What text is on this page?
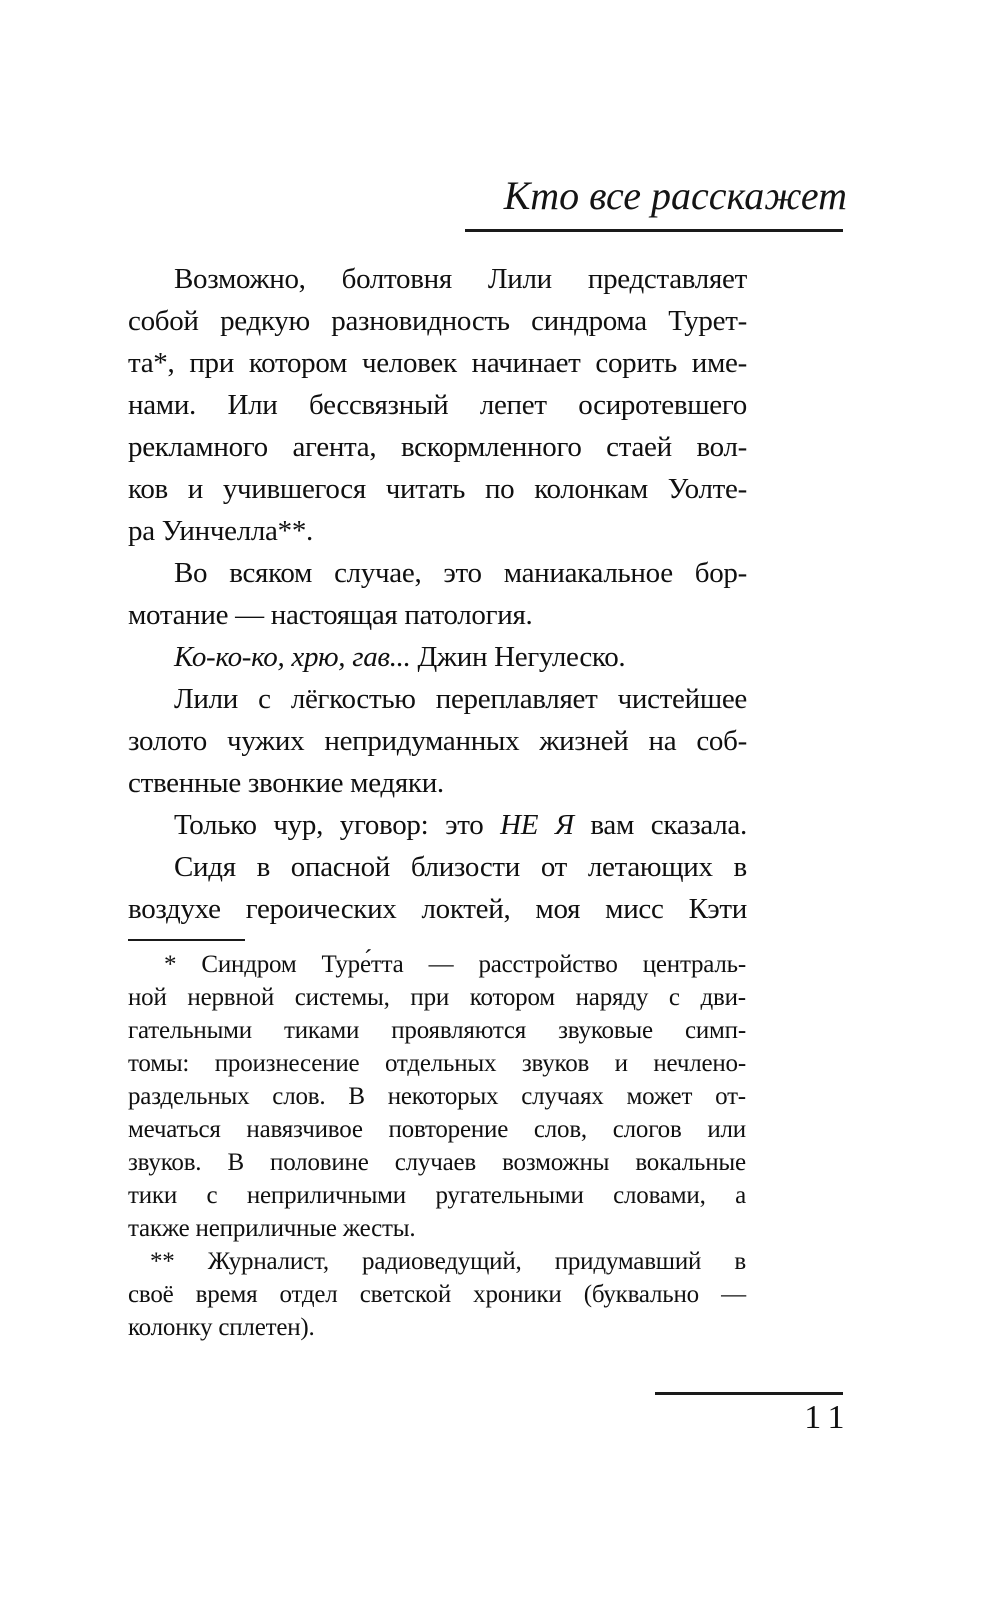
Кто все расскажет
Возможно, болтовня Лили представляет
собой редкую разновидность синдрома Турет-
та*, при котором человек начинает сорить име-
нами. Или бессвязный лепет осиротевшего
рекламного агента, вскормленного стаей вол-
ков и учившегося читать по колонкам Уолте-
ра Уинчелла**.
Во всяком случае, это маниакальное бор-
мотание — настоящая патология.
Ко-ко-ко, хрю, гав... Джин Негулеско.
Лили с лёгкостью переплавляет чистейшее
золото чужих непридуманных жизней на соб-
ственные звонкие медяки.
Только чур, уговор: это НЕ Я вам сказала.
Сидя в опасной близости от летающих в
воздухе героических локтей, моя мисс Кэти
* Синдром Туре́тта — расстройство централь-
ной нервной системы, при котором наряду с дви-
гательными тиками проявляются звуковые симп-
томы: произнесение отдельных звуков и нечлено-
раздельных слов. В некоторых случаях может от-
мечаться навязчивое повторение слов, слогов или
звуков. В половине случаев возможны вокальные
тики с неприличными ругательными словами, а
также неприличные жесты.
** Журналист, радиоведущий, придумавший в
своё время отдел светской хроники (буквально —
колонку сплетен).
11
